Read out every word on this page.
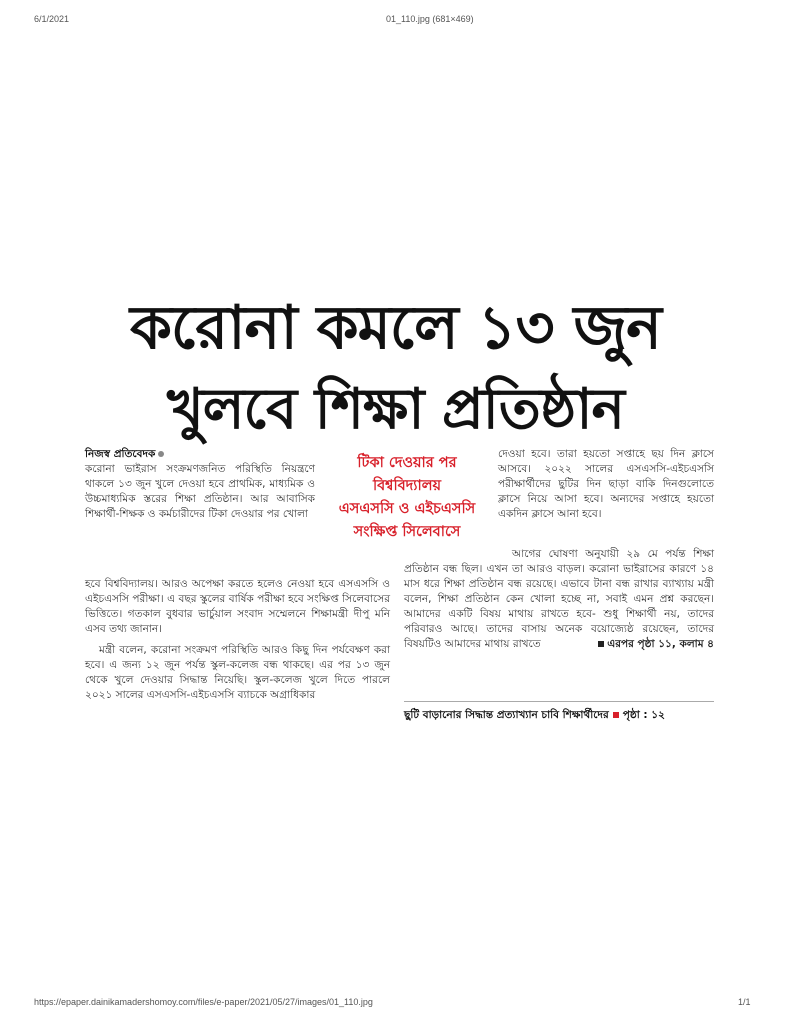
6/1/2021	01_110.jpg (681×469)
করোনা কমলে ১৩ জুন
খুলবে শিক্ষা প্রতিষ্ঠান

নিজস্ব প্রতিবেদক

করোনা ভাইরাস সংক্রমণজনিত পরিস্থিতি নিয়ন্ত্রণে থাকলে ১৩ জুন খুলে দেওয়া হবে প্রাথমিক, মাধ্যমিক ও উচ্চমাধ্যমিক স্তরের শিক্ষা প্রতিষ্ঠান। আর আবাসিক শিক্ষার্থী-শিক্ষক ও কর্মচারীদের টিকা দেওয়ার পর খোলা

টিকা দেওয়ার পর
বিশ্ববিদ্যালয়
এসএসসি ও এইচএসসি
সংক্ষিপ্ত সিলেবাসে

হবে বিশ্ববিদ্যালয়। আরও অপেক্ষা করতে হলেও নেওয়া হবে এসএসসি ও এইচএসসি পরীক্ষা। এ বছর স্কুলের বার্ষিক পরীক্ষা হবে সংক্ষিপ্ত সিলেবাসের ভিত্তিতে। গতকাল বুধবার ভার্চুয়াল সংবাদ সম্মেলনে শিক্ষামন্ত্রী দীপু মনি এসব তথ্য জানান।

মন্ত্রী বলেন, করোনা সংক্রমণ পরিস্থিতি আরও কিছু দিন পর্যবেক্ষণ করা হবে। এ জন্য ১২ জুন পর্যন্ত স্কুল-কলেজ বন্ধ থাকছে। এর পর ১৩ জুন থেকে খুলে দেওয়ার সিদ্ধান্ত নিয়েছি। স্কুল-কলেজ খুলে দিতে পারলে ২০২১ সালের এসএসসি-এইচএসসি ব্যাচকে অগ্রাধিকার

দেওয়া হবে। তারা হয়তো সপ্তাহে ছয় দিন ক্লাসে আসবে। ২০২২ সালের এসএসসি-এইচএসসি পরীক্ষার্থীদের ছুটির দিন ছাড়া বাকি দিনগুলোতে ক্লাসে নিয়ে আসা হবে। অন্যদের সপ্তাহে হয়তো একদিন ক্লাসে আনা হবে।

আগের ঘোষণা অনুযায়ী ২৯ মে পর্যন্ত শিক্ষা প্রতিষ্ঠান বন্ধ ছিল। এখন তা আরও বাড়ল। করোনা ভাইরাসের কারণে ১৪ মাস ধরে শিক্ষা প্রতিষ্ঠান বন্ধ রয়েছে। এভাবে টানা বন্ধ রাখার ব্যাখ্যায় মন্ত্রী বলেন, শিক্ষা প্রতিষ্ঠান কেন খোলা হচ্ছে না, সবাই এমন প্রশ্ন করছেন। আমাদের একটি বিষয় মাথায় রাখতে হবে- শুধু শিক্ষার্থী নয়, তাদের পরিবারও আছে। তাদের বাসায় অনেক বয়োজ্যেষ্ঠ রয়েছেন, তাদের বিষয়টিও আমাদের মাথায় রাখতে	এরপর পৃষ্ঠা ১১, কলাম ৪

ছুটি বাড়ানোর সিদ্ধান্ত প্রত্যাখ্যান চাবি শিক্ষার্থীদের পৃষ্ঠা : ১২
https://epaper.dainikamadershomoy.com/files/e-paper/2021/05/27/images/01_110.jpg	1/1
